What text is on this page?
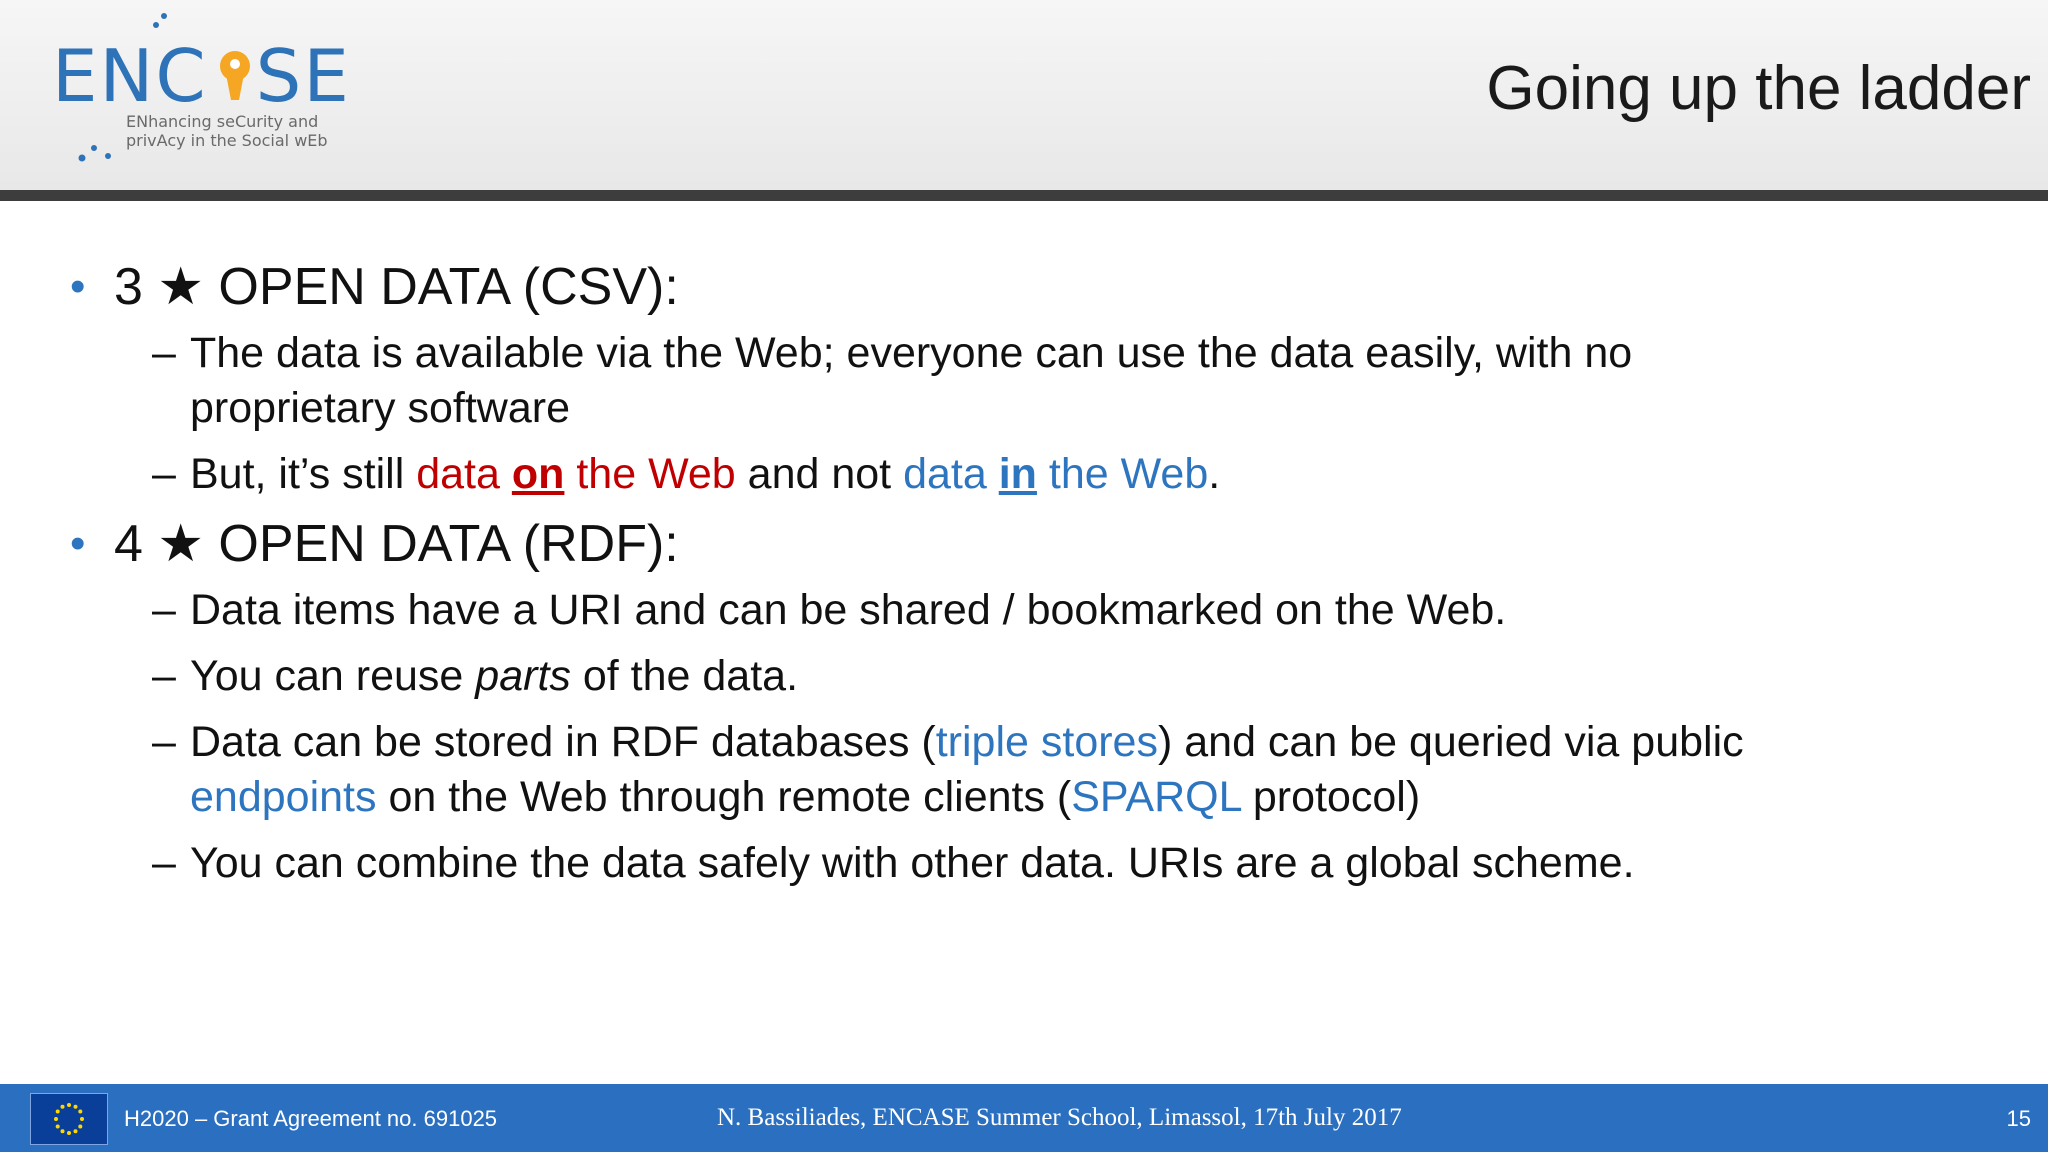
ENC SE
ENhancing seCurity and
privAcy in the Social wEb
Going up the ladder
• 3 ★ OPEN DATA (CSV):
– The data is available via the Web; everyone can use the data easily, with no
proprietary software
– But, it’s still data on the Web and not data in the Web.
• 4 ★ OPEN DATA (RDF):
– Data items have a URI and can be shared / bookmarked on the Web.
– You can reuse parts of the data.
– Data can be stored in RDF databases (triple stores) and can be queried via public
endpoints on the Web through remote clients (SPARQL protocol)
– You can combine the data safely with other data. URIs are a global scheme.
H2020 – Grant Agreement no. 691025	N. Bassiliades, ENCASE Summer School, Limassol, 17th July 2017	15
